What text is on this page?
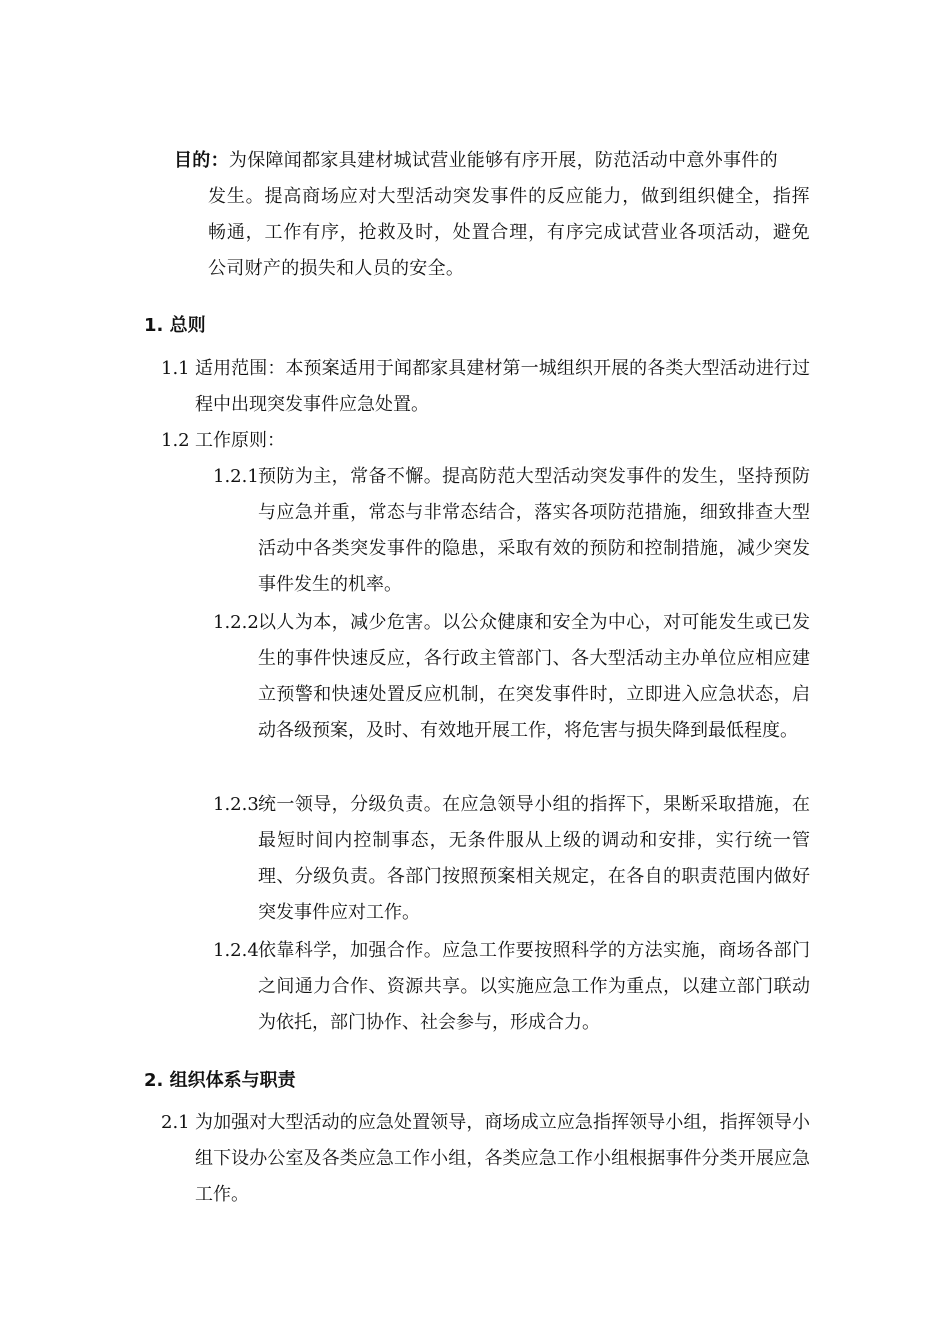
目的：为保障闻都家具建材城试营业能够有序开展，防范活动中意外事件的
发生。提高商场应对大型活动突发事件的反应能力，做到组织健全，指挥畅通，工作有序，抢救及时，处置合理，有序完成试营业各项活动，避免公司财产的损失和人员的安全。
1. 总则
1.1 适用范围：本预案适用于闻都家具建材第一城组织开展的各类大型活动进行过程中出现突发事件应急处置。
1.2 工作原则：
1.2.1 预防为主，常备不懈。提高防范大型活动突发事件的发生，坚持预防与应急并重，常态与非常态结合，落实各项防范措施，细致排查大型活动中各类突发事件的隐患，采取有效的预防和控制措施，减少突发事件发生的机率。
1.2.2 以人为本，减少危害。以公众健康和安全为中心，对可能发生或已发生的事件快速反应，各行政主管部门、各大型活动主办单位应相应建立预警和快速处置反应机制，在突发事件时，立即进入应急状态，启动各级预案，及时、有效地开展工作，将危害与损失降到最低程度。
1.2.3 统一领导，分级负责。在应急领导小组的指挥下，果断采取措施，在最短时间内控制事态，无条件服从上级的调动和安排，实行统一管理、分级负责。各部门按照预案相关规定，在各自的职责范围内做好突发事件应对工作。
1.2.4 依靠科学，加强合作。应急工作要按照科学的方法实施，商场各部门之间通力合作、资源共享。以实施应急工作为重点，以建立部门联动为依托，部门协作、社会参与，形成合力。
2. 组织体系与职责
2.1 为加强对大型活动的应急处置领导，商场成立应急指挥领导小组，指挥领导小组下设办公室及各类应急工作小组，各类应急工作小组根据事件分类开展应急工作。
